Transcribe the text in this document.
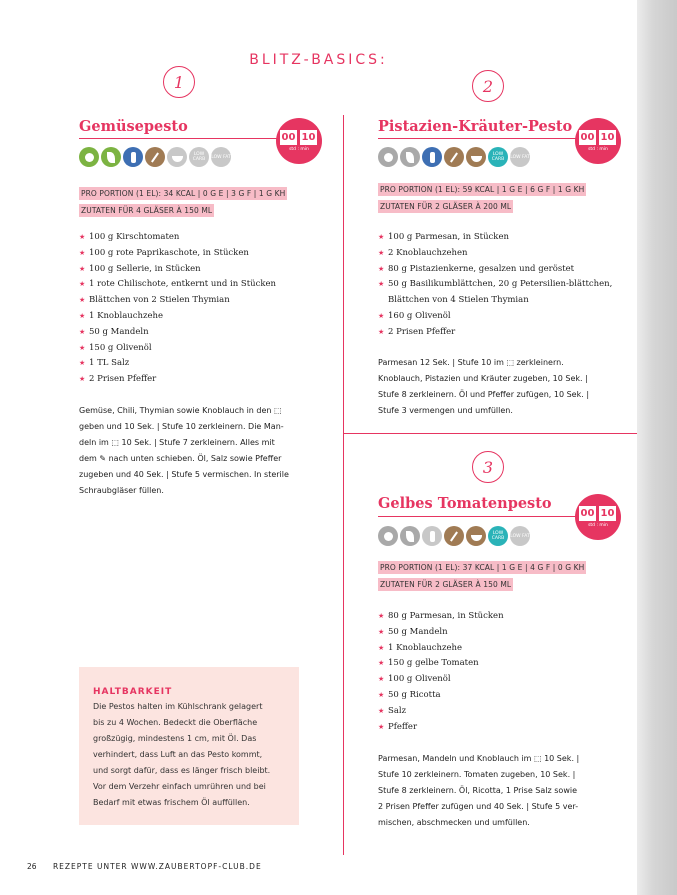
BLITZ-BASICS:
1
Gemüsepesto
00 10
std : min
LOW CARB	LOW FAT
PRO PORTION (1 EL): 34 KCAL | 0 G E | 3 G F | 1 G KH
ZUTATEN FÜR 4 GLÄSER À 150 ML
★ 100 g Kirschtomaten
★ 100 g rote Paprikaschote, in Stücken
★ 100 g Sellerie, in Stücken
★ 1 rote Chilischote, entkernt und in Stücken
★ Blättchen von 2 Stielen Thymian
★ 1 Knoblauchzehe
★ 50 g Mandeln
★ 150 g Olivenöl
★ 1 TL Salz
★ 2 Prisen Pfeffer

Gemüse, Chili, Thymian sowie Knoblauch in den ⬚

geben und 10 Sek. | Stufe 10 zerkleinern. Die Man-

deln im ⬚ 10 Sek. | Stufe 7 zerkleinern. Alles mit

dem ✎ nach unten schieben. Öl, Salz sowie Pfeffer

zugeben und 40 Sek. | Stufe 5 vermischen. In sterile

Schraubgläser füllen.

2
Pistazien-Kräuter-Pesto
00 10
std : min
LOW CARB	LOW FAT
PRO PORTION (1 EL): 59 KCAL | 1 G E | 6 G F | 1 G KH
ZUTATEN FÜR 2 GLÄSER À 200 ML
★ 100 g Parmesan, in Stücken
★ 2 Knoblauchzehen
★ 80 g Pistazienkerne, gesalzen und geröstet
★ 50 g Basilikumblättchen, 20 g Petersilien-blättchen, Blättchen von 4 Stielen Thymian
★ 160 g Olivenöl
★ 2 Prisen Pfeffer

Parmesan 12 Sek. | Stufe 10 im ⬚ zerkleinern.

Knoblauch, Pistazien und Kräuter zugeben, 10 Sek. |

Stufe 8 zerkleinern. Öl und Pfeffer zufügen, 10 Sek. |

Stufe 3 vermengen und umfüllen.

3
Gelbes Tomatenpesto
00 10
std : min
LOW CARB	LOW FAT
PRO PORTION (1 EL): 37 KCAL | 1 G E | 4 G F | 0 G KH
ZUTATEN FÜR 2 GLÄSER À 150 ML
★ 80 g Parmesan, in Stücken
★ 50 g Mandeln
★ 1 Knoblauchzehe
★ 150 g gelbe Tomaten
★ 100 g Olivenöl
★ 50 g Ricotta
★ Salz
★ Pfeffer

Parmesan, Mandeln und Knoblauch im ⬚ 10 Sek. |

Stufe 10 zerkleinern. Tomaten zugeben, 10 Sek. |

Stufe 8 zerkleinern. Öl, Ricotta, 1 Prise Salz sowie

2 Prisen Pfeffer zufügen und 40 Sek. | Stufe 5 ver-

mischen, abschmecken und umfüllen.

HALTBARKEIT

Die Pestos halten im Kühlschrank gelagert

bis zu 4 Wochen. Bedeckt die Oberfläche

großzügig, mindestens 1 cm, mit Öl. Das

verhindert, dass Luft an das Pesto kommt,

und sorgt dafür, dass es länger frisch bleibt.

Vor dem Verzehr einfach umrühren und bei

Bedarf mit etwas frischem Öl auffüllen.

26 REZEPTE UNTER WWW.ZAUBERTOPF-CLUB.DE
